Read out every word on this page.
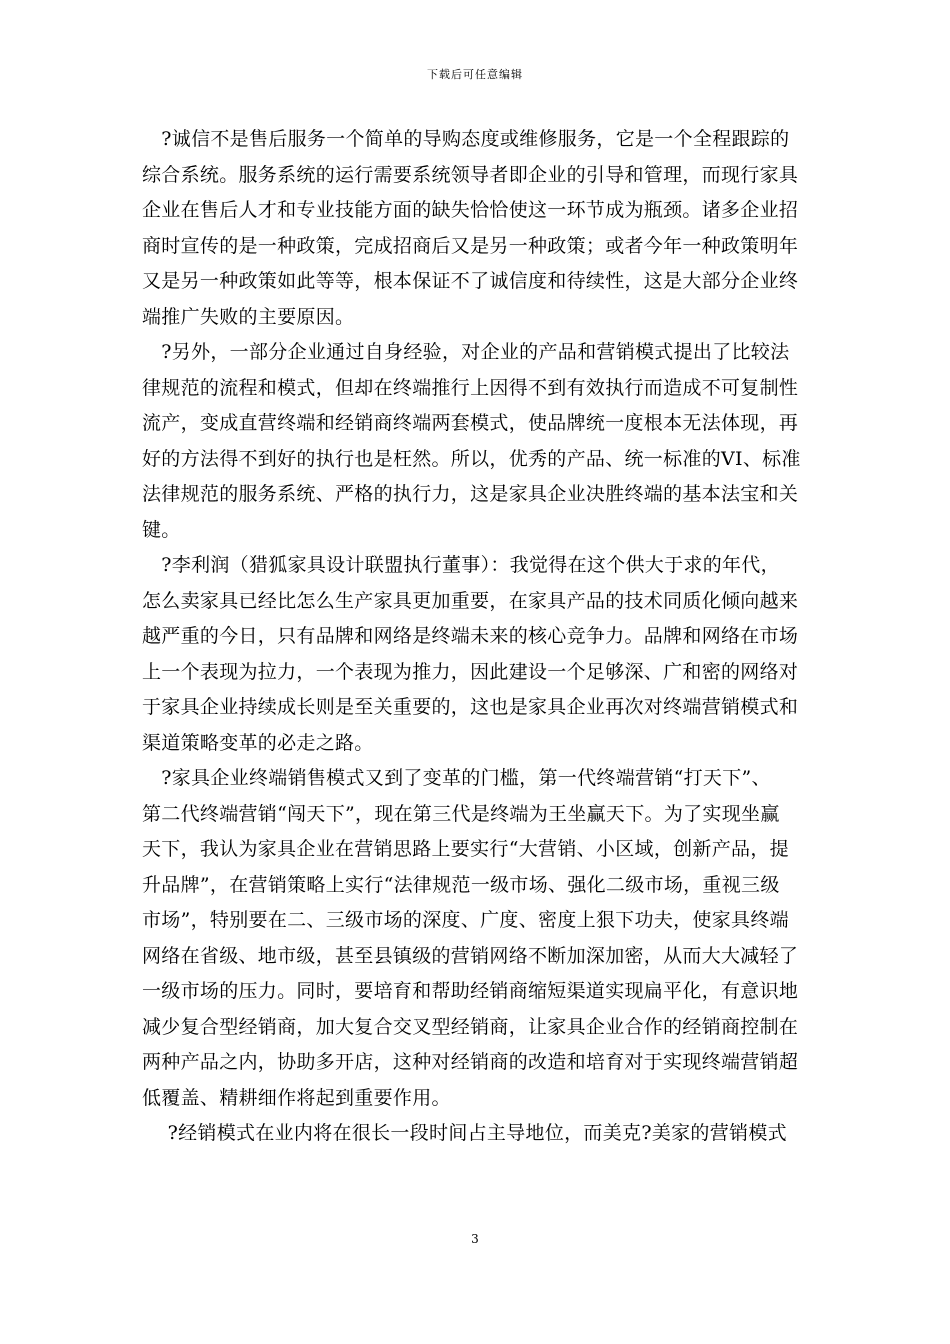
下载后可任意编辑

　?诚信不是售后服务一个简单的导购态度或维修服务，它是一个全程跟踪的
综合系统。服务系统的运行需要系统领导者即企业的引导和管理，而现行家具
企业在售后人才和专业技能方面的缺失恰恰使这一环节成为瓶颈。诸多企业招
商时宣传的是一种政策，完成招商后又是另一种政策；或者今年一种政策明年
又是另一种政策如此等等，根本保证不了诚信度和待续性，这是大部分企业终
端推广失败的主要原因。

　?另外，一部分企业通过自身经验，对企业的产品和营销模式提出了比较法
律规范的流程和模式，但却在终端推行上因得不到有效执行而造成不可复制性
流产，变成直营终端和经销商终端两套模式，使品牌统一度根本无法体现，再
好的方法得不到好的执行也是枉然。所以，优秀的产品、统一标准的VI、标准
法律规范的服务系统、严格的执行力，这是家具企业决胜终端的基本法宝和关
键。

　?李利润（猎狐家具设计联盟执行董事）：我觉得在这个供大于求的年代，
怎么卖家具已经比怎么生产家具更加重要，在家具产品的技术同质化倾向越来
越严重的今日，只有品牌和网络是终端未来的核心竞争力。品牌和网络在市场
上一个表现为拉力，一个表现为推力，因此建设一个足够深、广和密的网络对
于家具企业持续成长则是至关重要的，这也是家具企业再次对终端营销模式和
渠道策略变革的必走之路。

　?家具企业终端销售模式又到了变革的门槛，第一代终端营销“打天下”、
第二代终端营销“闯天下”，现在第三代是终端为王坐赢天下。为了实现坐赢
天下，我认为家具企业在营销思路上要实行“大营销、小区域，创新产品，提
升品牌”，在营销策略上实行“法律规范一级市场、强化二级市场，重视三级
市场”，特别要在二、三级市场的深度、广度、密度上狠下功夫，使家具终端
网络在省级、地市级，甚至县镇级的营销网络不断加深加密，从而大大减轻了
一级市场的压力。同时，要培育和帮助经销商缩短渠道实现扁平化，有意识地
减少复合型经销商，加大复合交叉型经销商，让家具企业合作的经销商控制在
两种产品之内，协助多开店，这种对经销商的改造和培育对于实现终端营销超
低覆盖、精耕细作将起到重要作用。

　 ?经销模式在业内将在很长一段时间占主导地位，而美克?美家的营销模式

3
